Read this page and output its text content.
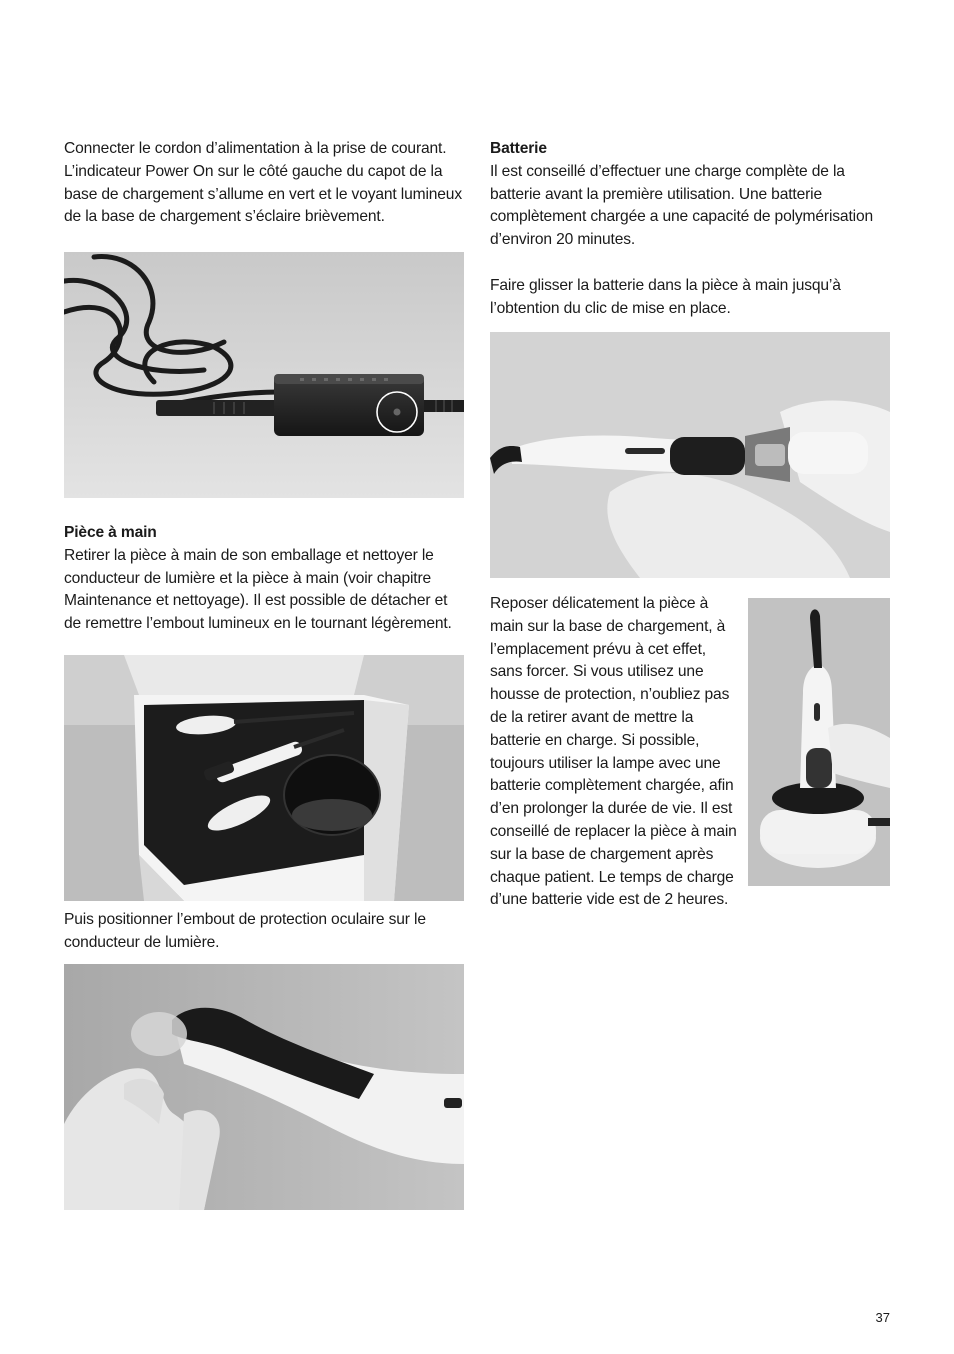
Connecter le cordon d’alimentation à la prise de courant. L’indicateur Power On sur le côté gauche du capot de la base de chargement s’allume en vert et le voyant lumineux de la base de chargement s’éclaire brièvement.

Pièce à main

Retirer la pièce à main de son emballage et nettoyer le conducteur de lumière et la pièce à main (voir chapitre Maintenance et nettoyage). Il est possible de détacher et de remettre l’embout lumineux en le tournant légèrement.

Puis positionner l’embout de protection oculaire sur le conducteur de lumière.

Batterie

Il est conseillé d’effectuer une charge complète de la batterie avant la première utilisation. Une batterie complètement chargée a une capacité de polymérisation d’environ 20 minutes.

Faire glisser la batterie dans la pièce à main jusqu’à l’obtention du clic de mise en place.

Reposer délicatement la pièce à main sur la base de chargement, à l’emplacement prévu à cet effet, sans forcer. Si vous utilisez une housse de protection, n’oubliez pas de la retirer avant de mettre la batterie en charge. Si possible, toujours utiliser la lampe avec une batterie complètement chargée, afin d’en prolonger la durée de vie. Il est conseillé de replacer la pièce à main sur la base de chargement après chaque patient. Le temps de charge d’une batterie vide est de 2 heures.

37
